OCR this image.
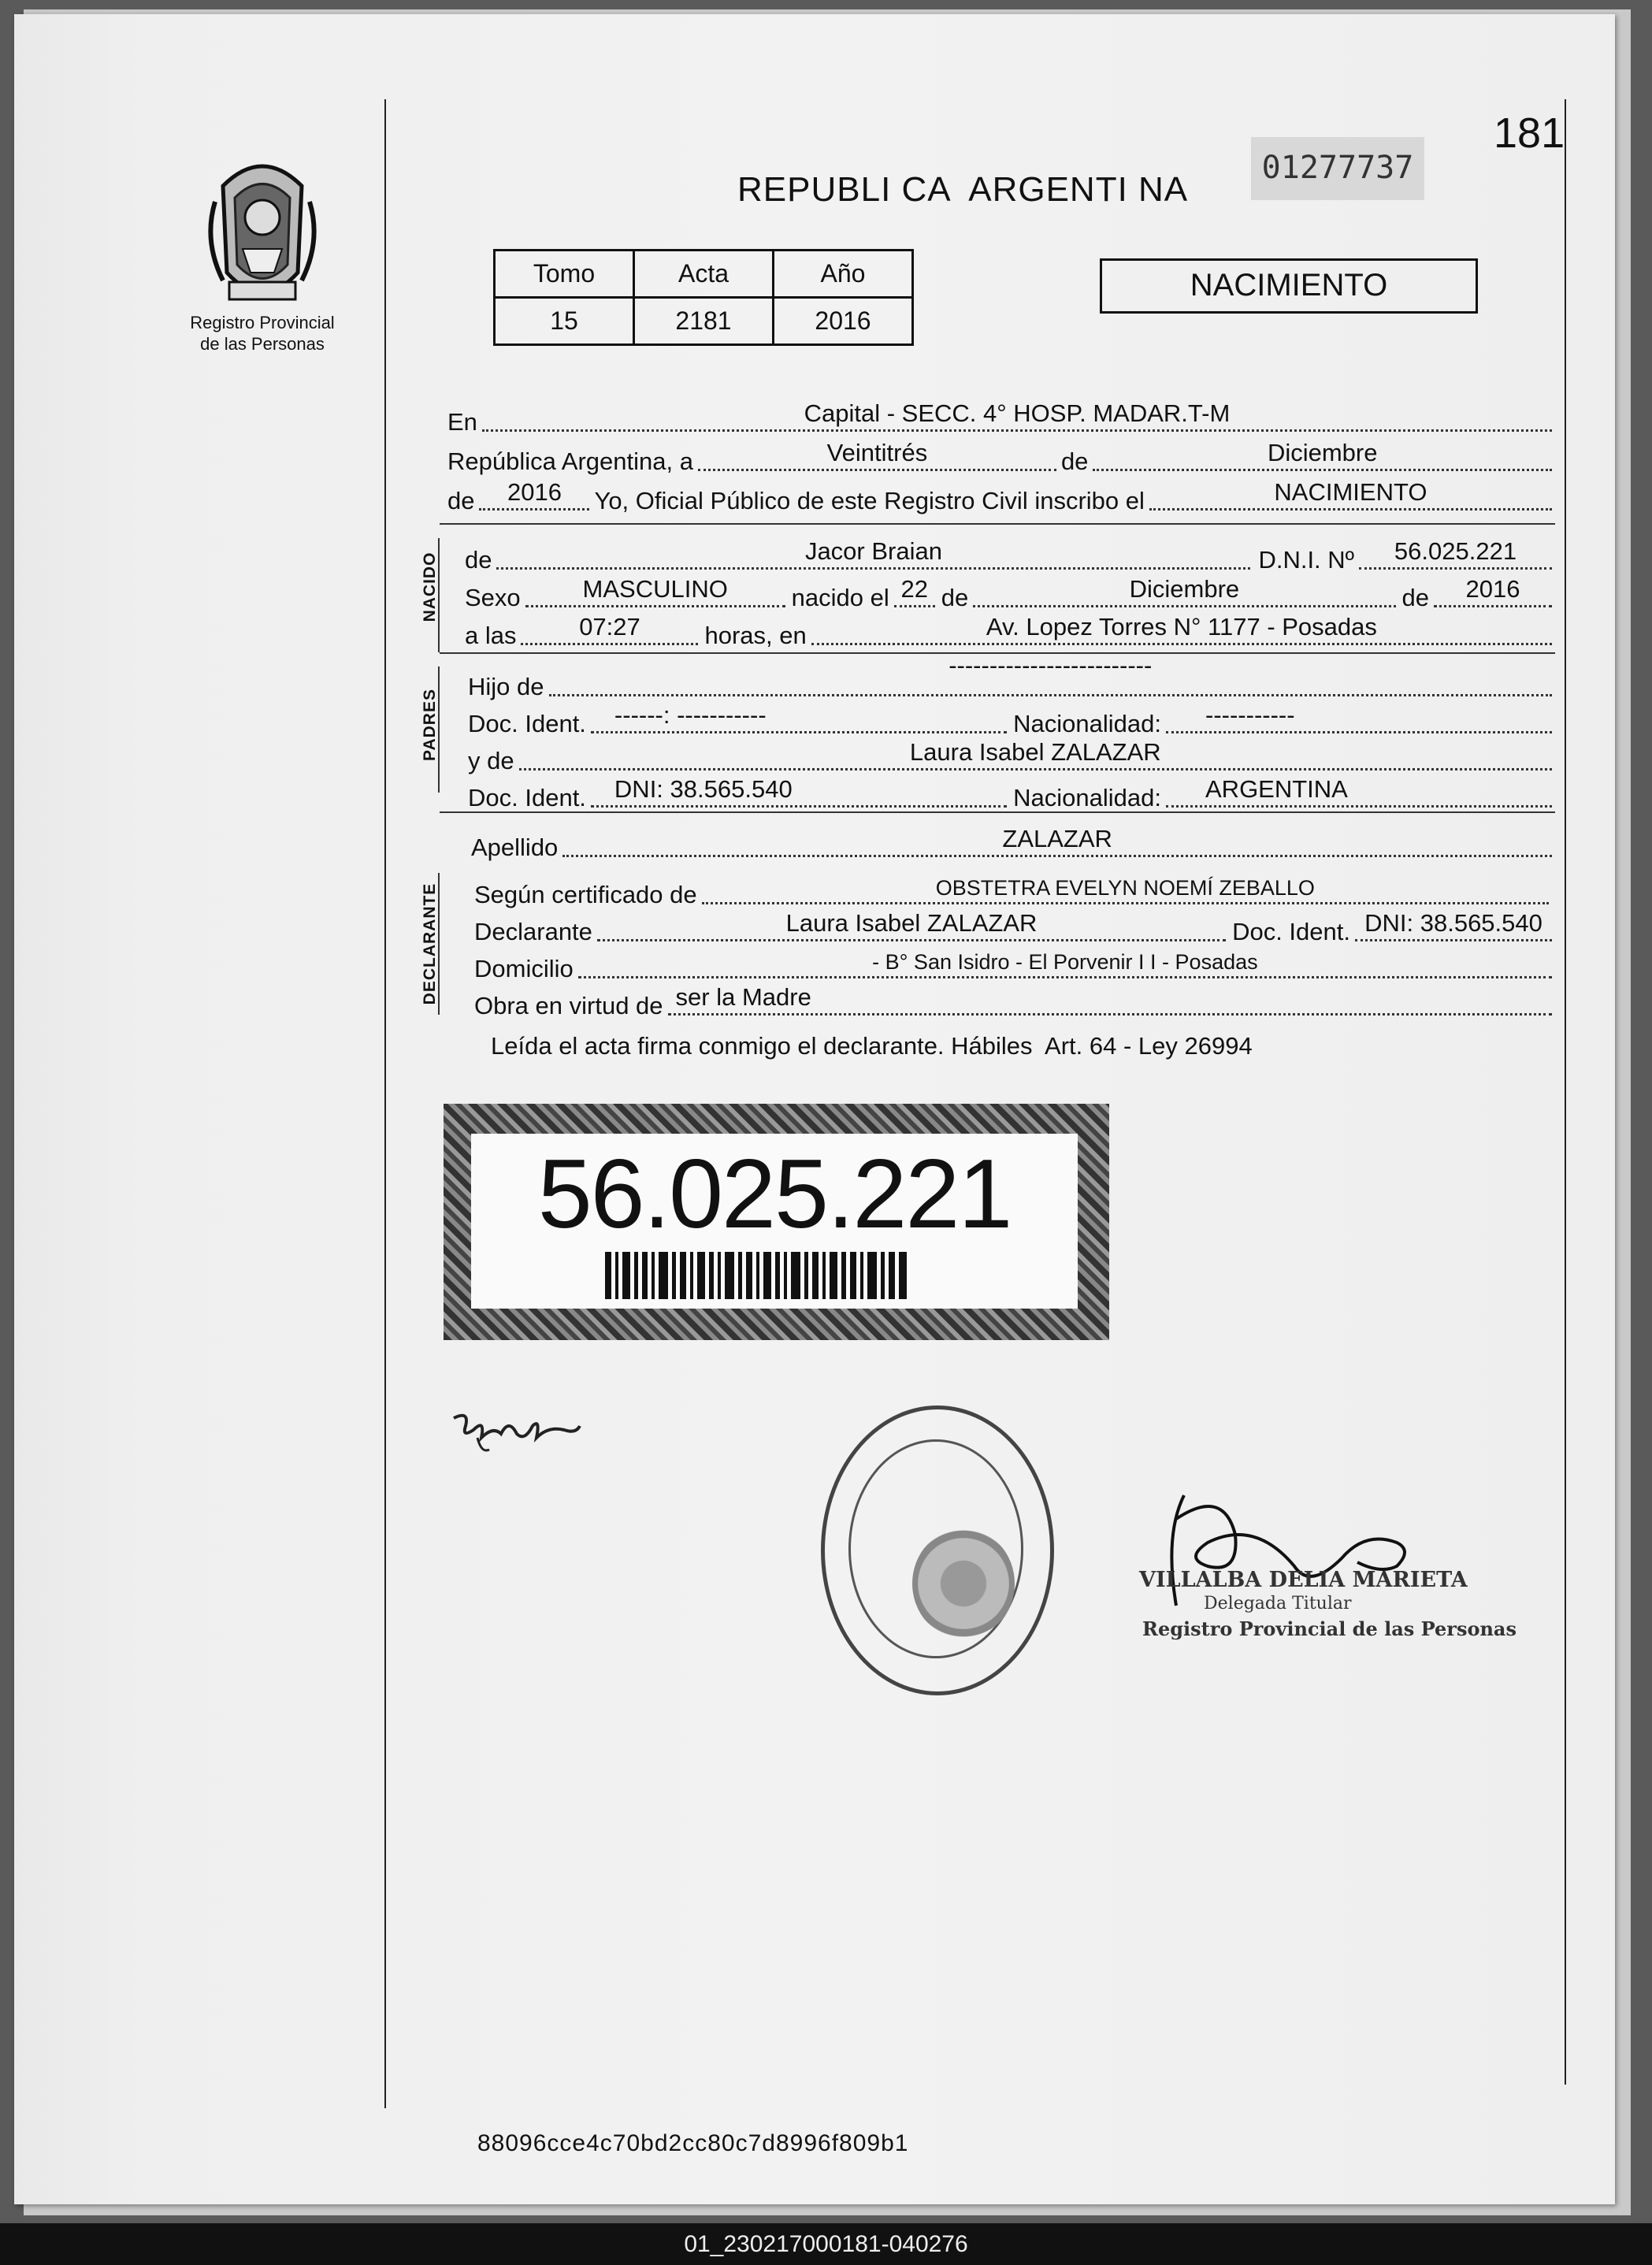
Registro Provincial
de las Personas
REPUBLI CA  ARGENTI NA
01277737
181
Tomo	Acta	Año
15	2181	2016
NACIMIENTO
En	Capital - SECC. 4° HOSP. MADAR.T-M
República Argentina, a	Veintitrés	de	Diciembre
de 2016 Yo, Oficial Público de este Registro Civil inscribo el	NACIMIENTO
NACIDO de	Jacor Braian	D.N.I. Nº 56.025.221
Sexo	MASCULINO	nacido el 22 de	Diciembre	de 2016
a las	07:27	horas, en	Av. Lopez Torres N° 1177 - Posadas
PADRES
Hijo de
-------------------------
Doc. Ident. ------: -----------	Nacionalidad: -----------
y de	Laura Isabel ZALAZAR
Doc. Ident. DNI: 38.565.540	Nacionalidad: ARGENTINA
Apellido	ZALAZAR
DECLARANTE Según certificado de	OBSTETRA EVELYN NOEMÍ ZEBALLO
Declarante	Laura Isabel ZALAZAR	Doc. Ident. DNI: 38.565.540
Domicilio	- B° San Isidro - El Porvenir I I - Posadas
Obra en virtud de ser la Madre
Leída el acta firma conmigo el declarante. Hábiles  Art. 64 - Ley 26994
56.025.221
VILLALBA DELIA MARIETA
Delegada Titular
Registro Provincial de las Personas
88096cce4c70bd2cc80c7d8996f809b1
01_230217000181-040276
